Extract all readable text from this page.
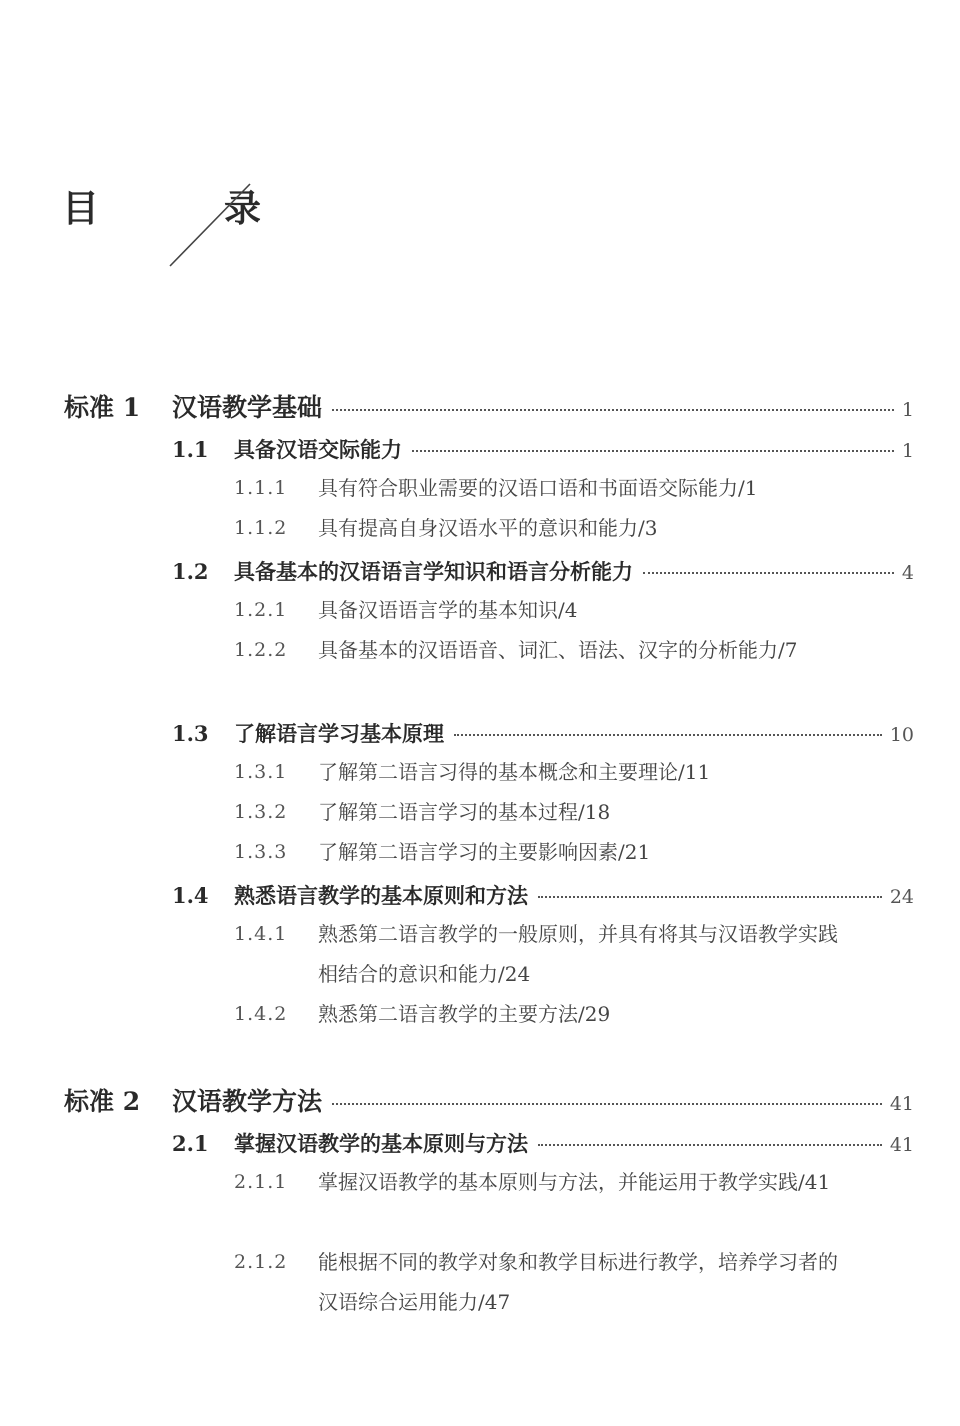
目　录
标准 1	汉语教学基础	1
1.1	具备汉语交际能力	1
1.1.1	具有符合职业需要的汉语口语和书面语交际能力/1
1.1.2	具有提高自身汉语水平的意识和能力/3
1.2	具备基本的汉语语言学知识和语言分析能力	4
1.2.1	具备汉语语言学的基本知识/4
1.2.2	具备基本的汉语语音、词汇、语法、汉字的分析能力/7
1.3	了解语言学习基本原理	10
1.3.1	了解第二语言习得的基本概念和主要理论/11
1.3.2	了解第二语言学习的基本过程/18
1.3.3	了解第二语言学习的主要影响因素/21
1.4	熟悉语言教学的基本原则和方法	24
1.4.1	熟悉第二语言教学的一般原则，并具有将其与汉语教学实践相结合的意识和能力/24
1.4.2	熟悉第二语言教学的主要方法/29
标准 2	汉语教学方法	41
2.1	掌握汉语教学的基本原则与方法	41
2.1.1	掌握汉语教学的基本原则与方法，并能运用于教学实践/41
2.1.2	能根据不同的教学对象和教学目标进行教学，培养学习者的汉语综合运用能力/47
